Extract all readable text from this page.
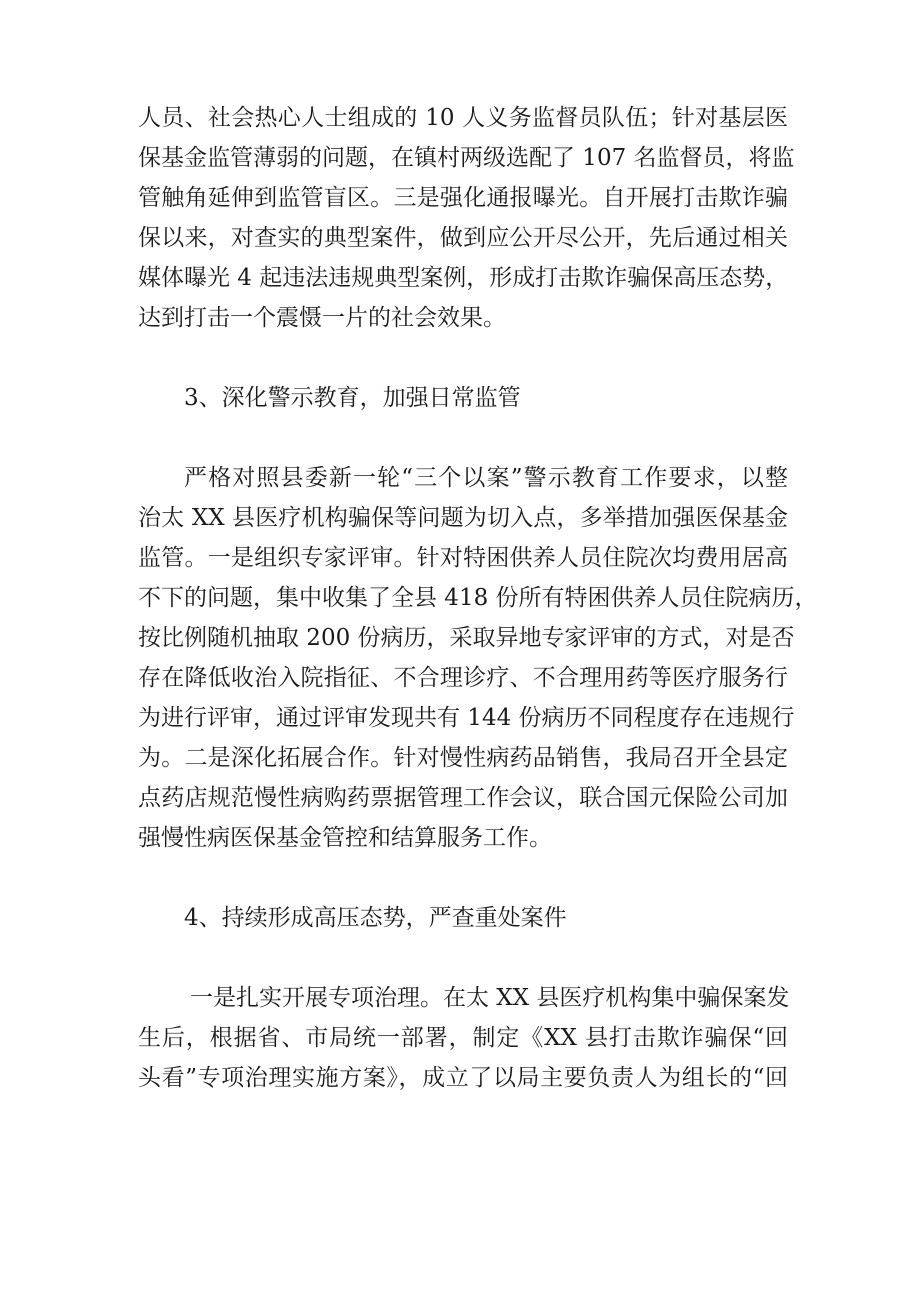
人员、社会热心人士组成的 10 人义务监督员队伍；针对基层医
保基金监管薄弱的问题，在镇村两级选配了 107 名监督员，将监
管触角延伸到监管盲区。三是强化通报曝光。自开展打击欺诈骗
保以来，对查实的典型案件，做到应公开尽公开，先后通过相关
媒体曝光 4 起违法违规典型案例，形成打击欺诈骗保高压态势，
达到打击一个震慑一片的社会效果。

3、深化警示教育，加强日常监管

严格对照县委新一轮“三个以案”警示教育工作要求，以整
治太 XX 县医疗机构骗保等问题为切入点，多举措加强医保基金
监管。一是组织专家评审。针对特困供养人员住院次均费用居高
不下的问题，集中收集了全县 418 份所有特困供养人员住院病历，
按比例随机抽取 200 份病历，采取异地专家评审的方式，对是否
存在降低收治入院指征、不合理诊疗、不合理用药等医疗服务行
为进行评审，通过评审发现共有 144 份病历不同程度存在违规行
为。二是深化拓展合作。针对慢性病药品销售，我局召开全县定
点药店规范慢性病购药票据管理工作会议，联合国元保险公司加
强慢性病医保基金管控和结算服务工作。

4、持续形成高压态势，严查重处案件

一是扎实开展专项治理。在太 XX 县医疗机构集中骗保案发
生后，根据省、市局统一部署，制定《XX 县打击欺诈骗保“回
头看”专项治理实施方案》，成立了以局主要负责人为组长的“回
